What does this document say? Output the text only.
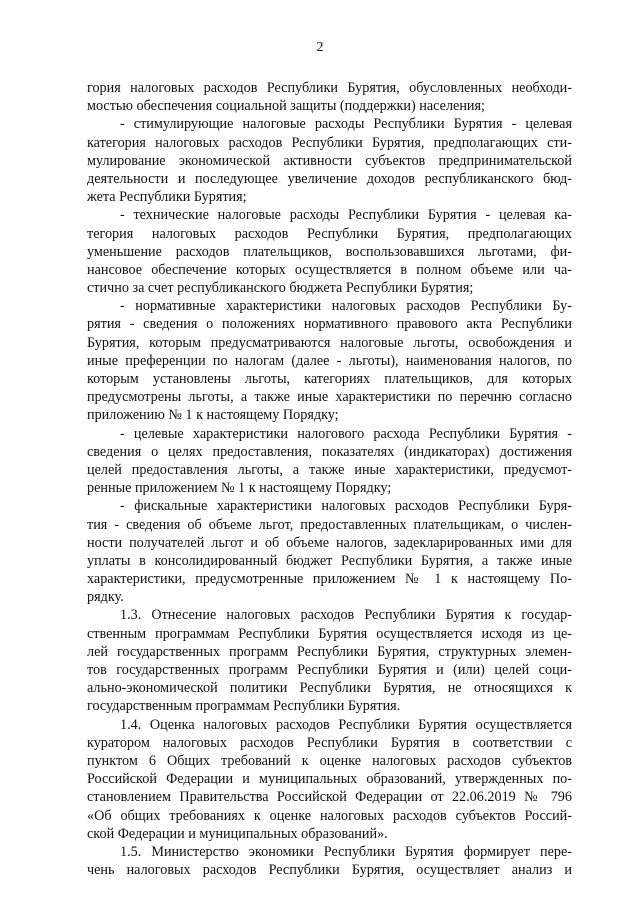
2
гория налоговых расходов Республики Бурятия, обусловленных необходи-
мостью обеспечения социальной защиты (поддержки) населения;
- стимулирующие налоговые расходы Республики Бурятия - целевая
категория налоговых расходов Республики Бурятия, предполагающих сти-
мулирование экономической активности субъектов предпринимательской
деятельности и последующее увеличение доходов республиканского бюд-
жета Республики Бурятия;
- технические налоговые расходы Республики Бурятия - целевая ка-
тегория налоговых расходов Республики Бурятия, предполагающих
уменьшение расходов плательщиков, воспользовавшихся льготами, фи-
нансовое обеспечение которых осуществляется в полном объеме или ча-
стично за счет республиканского бюджета Республики Бурятия;
- нормативные характеристики налоговых расходов Республики Бу-
рятия - сведения о положениях нормативного правового акта Республики
Бурятия, которым предусматриваются налоговые льготы, освобождения и
иные преференции по налогам (далее - льготы), наименования налогов, по
которым установлены льготы, категориях плательщиков, для которых
предусмотрены льготы, а также иные характеристики по перечню согласно
приложению № 1 к настоящему Порядку;
- целевые характеристики налогового расхода Республики Бурятия -
сведения о целях предоставления, показателях (индикаторах) достижения
целей предоставления льготы, а также иные характеристики, предусмот-
ренные приложением № 1 к настоящему Порядку;
- фискальные характеристики налоговых расходов Республики Буря-
тия - сведения об объеме льгот, предоставленных плательщикам, о числен-
ности получателей льгот и об объеме налогов, задекларированных ими для
уплаты в консолидированный бюджет Республики Бурятия, а также иные
характеристики, предусмотренные приложением № 1 к настоящему По-
рядку.
1.3. Отнесение налоговых расходов Республики Бурятия к государ-
ственным программам Республики Бурятия осуществляется исходя из це-
лей государственных программ Республики Бурятия, структурных элемен-
тов государственных программ Республики Бурятия и (или) целей соци-
ально-экономической политики Республики Бурятия, не относящихся к
государственным программам Республики Бурятия.
1.4. Оценка налоговых расходов Республики Бурятия осуществляется
куратором налоговых расходов Республики Бурятия в соответствии с
пунктом 6 Общих требований к оценке налоговых расходов субъектов
Российской Федерации и муниципальных образований, утвержденных по-
становлением Правительства Российской Федерации от 22.06.2019 № 796
«Об общих требованиях к оценке налоговых расходов субъектов Россий-
ской Федерации и муниципальных образований».
1.5. Министерство экономики Республики Бурятия формирует пере-
чень налоговых расходов Республики Бурятия, осуществляет анализ и
